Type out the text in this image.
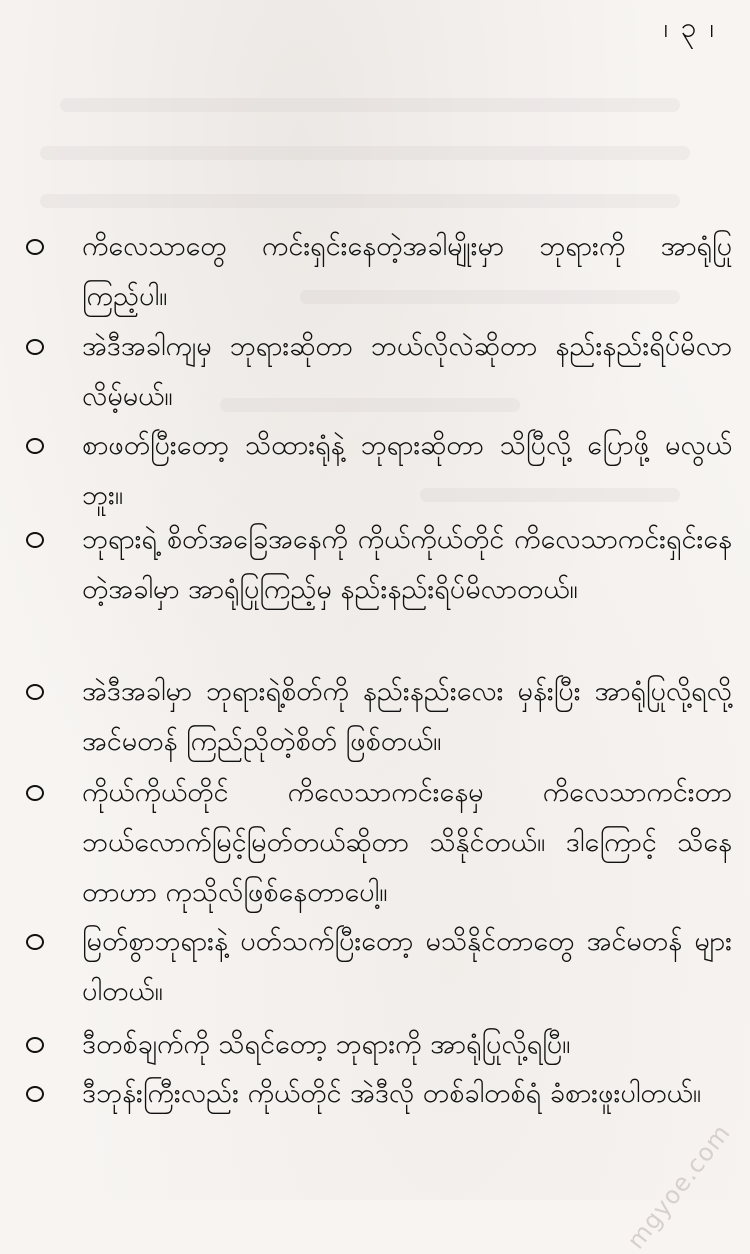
၊ ၃ ၊
ကိလေသာတွေ ကင်းရှင်းနေတဲ့အခါမျိုးမှာ ဘုရားကို အာရုံပြုကြည့်ပါ။
အဲဒီအခါကျမှ ဘုရားဆိုတာ ဘယ်လိုလဲဆိုတာ နည်းနည်းရိပ်မိလာလိမ့်မယ်။
စာဖတ်ပြီးတော့ သိထားရုံနဲ့ ဘုရားဆိုတာ သိပြီလို့ ပြောဖို့ မလွယ်ဘူး။
ဘုရားရဲ့ စိတ်အခြေအနေကို ကိုယ်ကိုယ်တိုင် ကိလေသာကင်းရှင်းနေတဲ့အခါမှာ အာရုံပြုကြည့်မှ နည်းနည်းရိပ်မိလာတယ်။
အဲဒီအခါမှာ ဘုရားရဲ့စိတ်ကို နည်းနည်းလေး မှန်းပြီး အာရုံပြုလို့ရလို့ အင်မတန် ကြည်ညိုတဲ့စိတ် ဖြစ်တယ်။
ကိုယ်ကိုယ်တိုင် ကိလေသာကင်းနေမှ ကိလေသာကင်းတာ ဘယ်လောက်မြင့်မြတ်တယ်ဆိုတာ သိနိုင်တယ်။ ဒါကြောင့် သိနေတာဟာ ကုသိုလ်ဖြစ်နေတာပေါ့။
မြတ်စွာဘုရားနဲ့ ပတ်သက်ပြီးတော့ မသိနိုင်တာတွေ အင်မတန် များပါတယ်။
ဒီတစ်ချက်ကို သိရင်တော့ ဘုရားကို အာရုံပြုလို့ရပြီ။
ဒီဘုန်းကြီးလည်း ကိုယ်တိုင် အဲဒီလို တစ်ခါတစ်ရံ ခံစားဖူးပါတယ်။
mgyoe.com
